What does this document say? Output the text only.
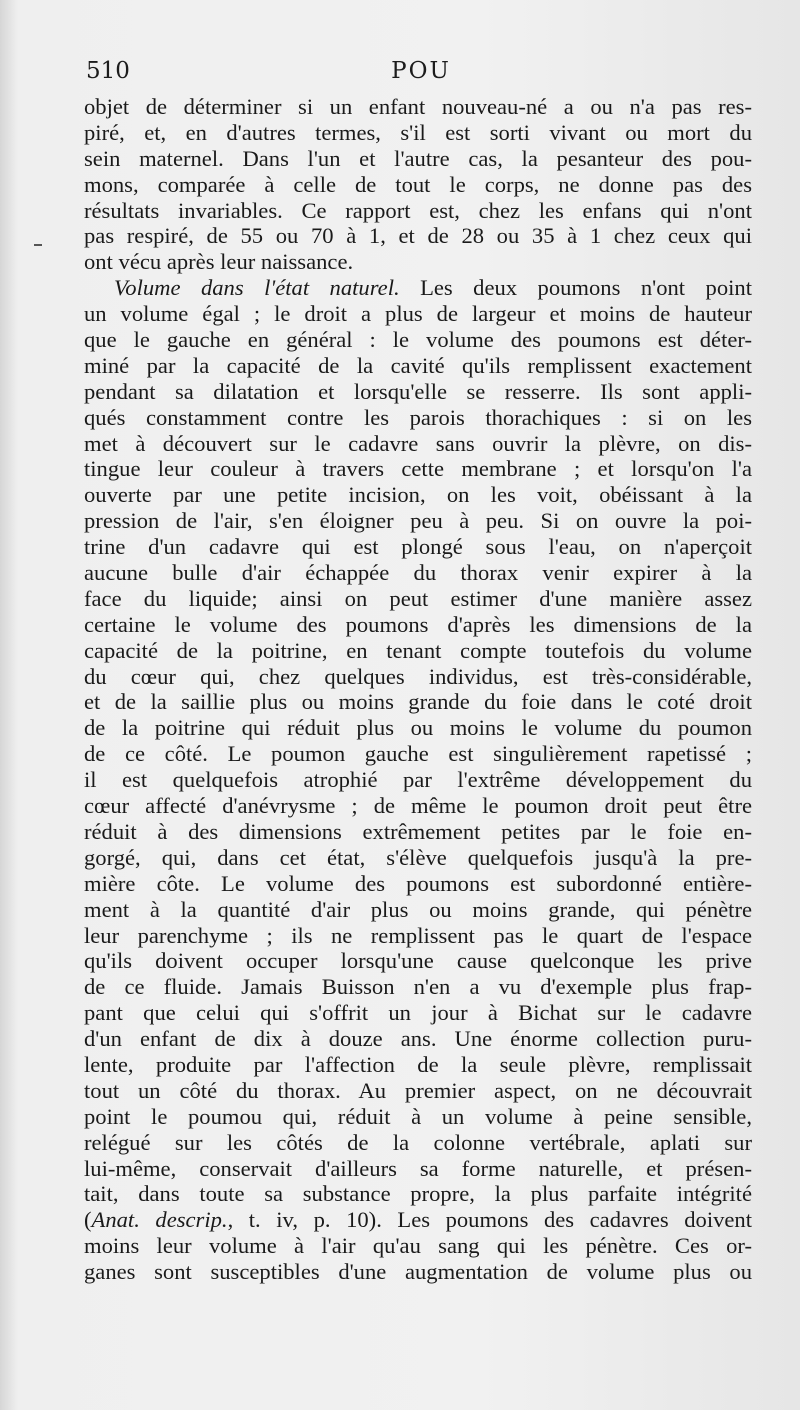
510	POU
objet de déterminer si un enfant nouveau-né a ou n'a pas res-
piré, et, en d'autres termes, s'il est sorti vivant ou mort du
sein maternel. Dans l'un et l'autre cas, la pesanteur des pou-
mons, comparée à celle de tout le corps, ne donne pas des
résultats invariables. Ce rapport est, chez les enfans qui n'ont
pas respiré, de 55 ou 70 à 1, et de 28 ou 35 à 1 chez ceux qui
ont vécu après leur naissance.
Volume dans l'état naturel. Les deux poumons n'ont point
un volume égal ; le droit a plus de largeur et moins de hauteur
que le gauche en général : le volume des poumons est déter-
miné par la capacité de la cavité qu'ils remplissent exactement
pendant sa dilatation et lorsqu'elle se resserre. Ils sont appli-
qués constamment contre les parois thorachiques : si on les
met à découvert sur le cadavre sans ouvrir la plèvre, on dis-
tingue leur couleur à travers cette membrane ; et lorsqu'on l'a
ouverte par une petite incision, on les voit, obéissant à la
pression de l'air, s'en éloigner peu à peu. Si on ouvre la poi-
trine d'un cadavre qui est plongé sous l'eau, on n'aperçoit
aucune bulle d'air échappée du thorax venir expirer à la
face du liquide; ainsi on peut estimer d'une manière assez
certaine le volume des poumons d'après les dimensions de la
capacité de la poitrine, en tenant compte toutefois du volume
du cœur qui, chez quelques individus, est très-considérable,
et de la saillie plus ou moins grande du foie dans le coté droit
de la poitrine qui réduit plus ou moins le volume du poumon
de ce côté. Le poumon gauche est singulièrement rapetissé ;
il est quelquefois atrophié par l'extrême développement du
cœur affecté d'anévrysme ; de même le poumon droit peut être
réduit à des dimensions extrêmement petites par le foie en-
gorgé, qui, dans cet état, s'élève quelquefois jusqu'à la pre-
mière côte. Le volume des poumons est subordonné entière-
ment à la quantité d'air plus ou moins grande, qui pénètre
leur parenchyme ; ils ne remplissent pas le quart de l'espace
qu'ils doivent occuper lorsqu'une cause quelconque les prive
de ce fluide. Jamais Buisson n'en a vu d'exemple plus frap-
pant que celui qui s'offrit un jour à Bichat sur le cadavre
d'un enfant de dix à douze ans. Une énorme collection puru-
lente, produite par l'affection de la seule plèvre, remplissait
tout un côté du thorax. Au premier aspect, on ne découvrait
point le poumou qui, réduit à un volume à peine sensible,
relégué sur les côtés de la colonne vertébrale, aplati sur
lui-même, conservait d'ailleurs sa forme naturelle, et présen-
tait, dans toute sa substance propre, la plus parfaite intégrité
(Anat. descrip., t. iv, p. 10). Les poumons des cadavres doivent
moins leur volume à l'air qu'au sang qui les pénètre. Ces or-
ganes sont susceptibles d'une augmentation de volume plus ou
